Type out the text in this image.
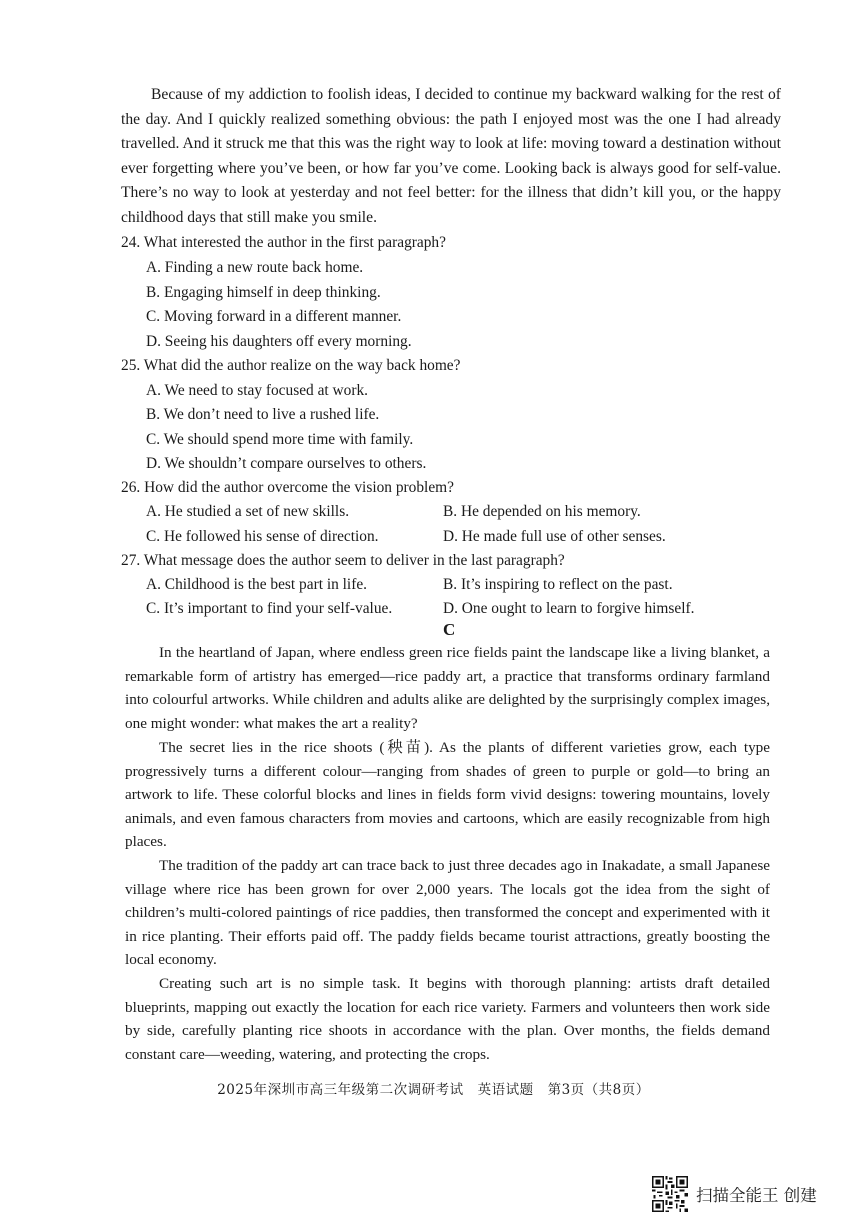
Because of my addiction to foolish ideas, I decided to continue my backward walking for the rest of the day. And I quickly realized something obvious: the path I enjoyed most was the one I had already travelled. And it struck me that this was the right way to look at life: moving toward a destination without ever forgetting where you’ve been, or how far you’ve come. Looking back is always good for self-value. There’s no way to look at yesterday and not feel better: for the illness that didn’t kill you, or the happy childhood days that still make you smile.

24. What interested the author in the first paragraph?

A. Finding a new route back home.

B. Engaging himself in deep thinking.

C. Moving forward in a different manner.

D. Seeing his daughters off every morning.

25. What did the author realize on the way back home?

A. We need to stay focused at work.

B. We don’t need to live a rushed life.

C. We should spend more time with family.

D. We shouldn’t compare ourselves to others.

26. How did the author overcome the vision problem?

A. He studied a set of new skills.	B. He depended on his memory.

C. He followed his sense of direction.	D. He made full use of other senses.

27. What message does the author seem to deliver in the last paragraph?

A. Childhood is the best part in life.	B. It’s inspiring to reflect on the past.

C. It’s important to find your self-value.	D. One ought to learn to forgive himself.

C

In the heartland of Japan, where endless green rice fields paint the landscape like a living blanket, a remarkable form of artistry has emerged—rice paddy art, a practice that transforms ordinary farmland into colourful artworks. While children and adults alike are delighted by the surprisingly complex images, one might wonder: what makes the art a reality?

The secret lies in the rice shoots (秧苗). As the plants of different varieties grow, each type progressively turns a different colour—ranging from shades of green to purple or gold—to bring an artwork to life. These colorful blocks and lines in fields form vivid designs: towering mountains, lovely animals, and even famous characters from movies and cartoons, which are easily recognizable from high places.

The tradition of the paddy art can trace back to just three decades ago in Inakadate, a small Japanese village where rice has been grown for over 2,000 years. The locals got the idea from the sight of children’s multi-colored paintings of rice paddies, then transformed the concept and experimented with it in rice planting. Their efforts paid off. The paddy fields became tourist attractions, greatly boosting the local economy.

Creating such art is no simple task. It begins with thorough planning: artists draft detailed blueprints, mapping out exactly the location for each rice variety. Farmers and volunteers then work side by side, carefully planting rice shoots in accordance with the plan. Over months, the fields demand constant care—weeding, watering, and protecting the crops.

2025年深圳市高三年级第二次调研考试　英语试题　第3页（共8页）

扫描全能王 创建
